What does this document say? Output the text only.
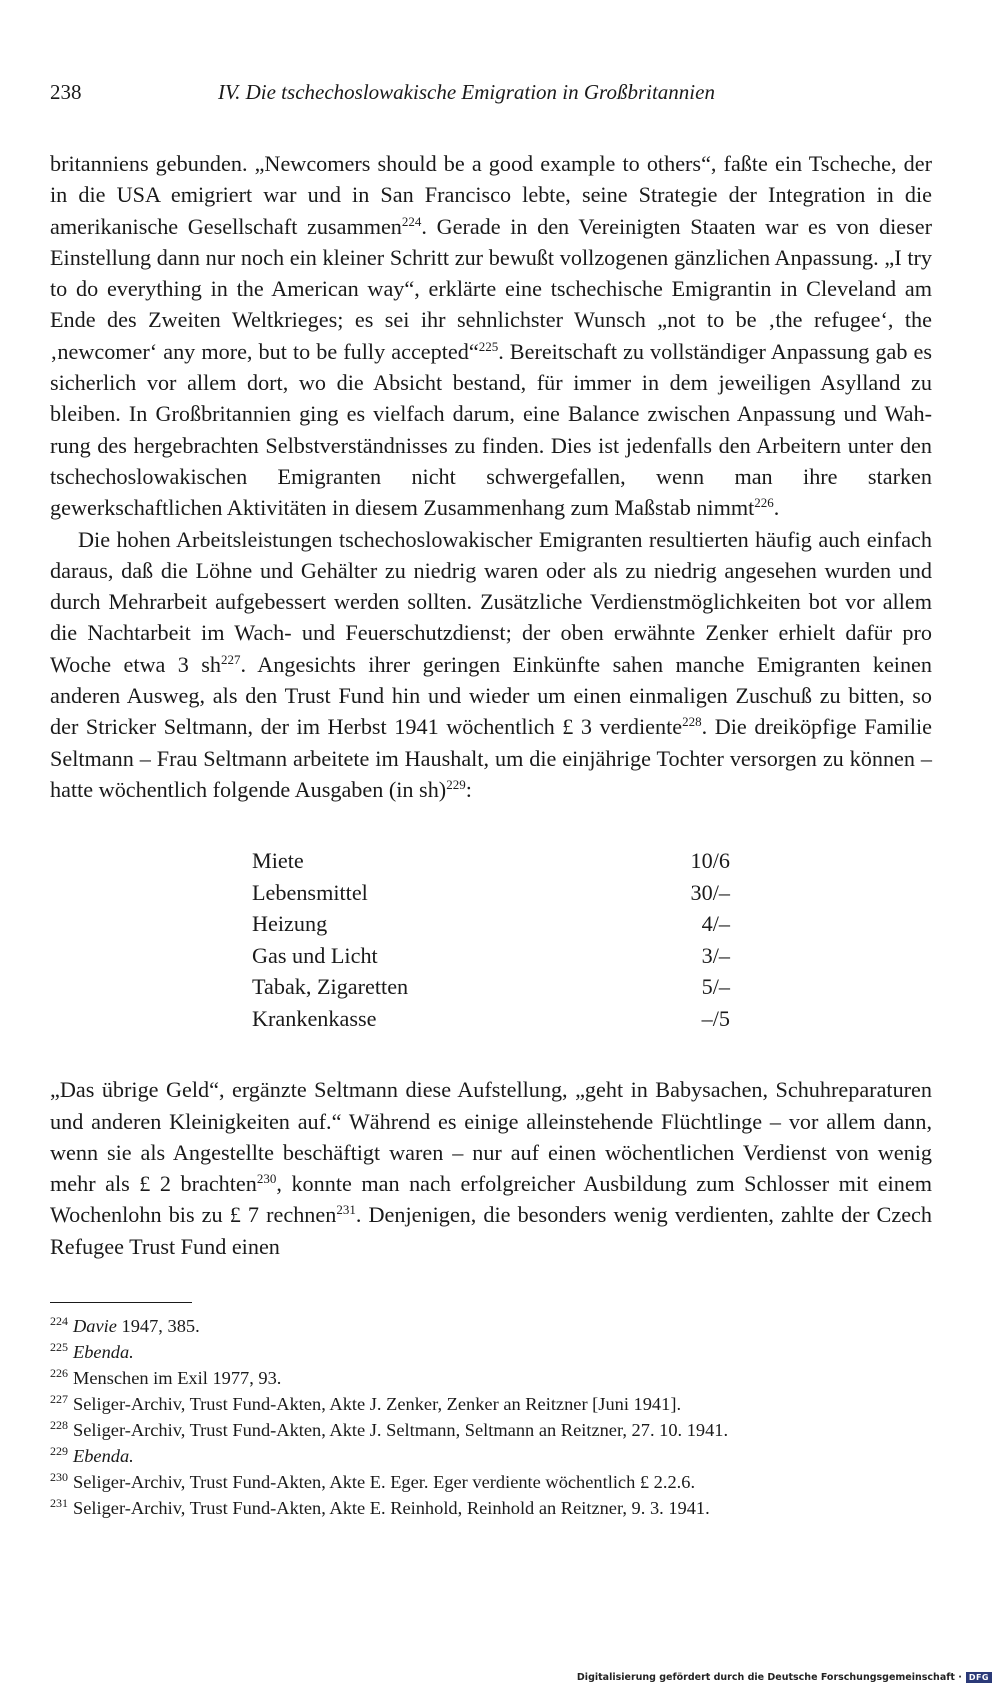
238	IV. Die tschechoslowakische Emigration in Großbritannien

britanniens gebunden. „Newcomers should be a good example to others“, faßte ein Tscheche, der in die USA emigriert war und in San Francisco lebte, seine Strategie der Integration in die amerikanische Gesellschaft zusammen$^{224}$. Gerade in den Vereinigten Staaten war es von dieser Einstellung dann nur noch ein kleiner Schritt zur bewußt vollzogenen gänzlichen Anpassung. „I try to do everything in the American way“, erklärte eine tschechische Emigrantin in Cleveland am Ende des Zweiten Weltkrieges; es sei ihr sehnlichster Wunsch „not to be ‚the refugee‘, the ‚newcomer‘ any more, but to be fully accepted“$^{225}$. Bereitschaft zu vollständiger Anpassung gab es sicherlich vor allem dort, wo die Absicht bestand, für immer in dem jeweiligen Asylland zu bleiben. In Großbritannien ging es vielfach darum, eine Balance zwischen Anpassung und Wahrung des hergebrachten Selbstverständnisses zu finden. Dies ist jedenfalls den Arbeitern unter den tschechoslowakischen Emigranten nicht schwergefallen, wenn man ihre starken gewerkschaftlichen Aktivitäten in diesem Zusammenhang zum Maßstab nimmt$^{226}$.

Die hohen Arbeitsleistungen tschechoslowakischer Emigranten resultierten häufig auch einfach daraus, daß die Löhne und Gehälter zu niedrig waren oder als zu niedrig angesehen wurden und durch Mehrarbeit aufgebessert werden sollten. Zusätzliche Verdienstmöglichkeiten bot vor allem die Nachtarbeit im Wach- und Feuerschutzdienst; der oben erwähnte Zenker erhielt dafür pro Woche etwa 3 $sh^{227}$. Angesichts ihrer geringen Einkünfte sahen manche Emigranten keinen anderen Ausweg, als den Trust Fund hin und wieder um einen einmaligen Zuschuß zu bitten, so der Stricker Seltmann, der im Herbst 1941 wöchentlich £ 3 verdiente$^{228}$. Die dreiköpfige Familie Seltmann – Frau Seltmann arbeitete im Haushalt, um die einjährige Tochter versorgen zu können – hatte wöchentlich folgende Ausgaben (in sh)$^{229}$:

Miete	10/6
Lebensmittel	30/–
Heizung	4/–
Gas und Licht	3/–
Tabak, Zigaretten	5/–
Krankenkasse	–/5

„Das übrige Geld“, ergänzte Seltmann diese Aufstellung, „geht in Babysachen, Schuhreparaturen und anderen Kleinigkeiten auf.“ Während es einige alleinstehende Flüchtlinge – vor allem dann, wenn sie als Angestellte beschäftigt waren – nur auf einen wöchentlichen Verdienst von wenig mehr als £ 2 brachten$^{230}$, konnte man nach erfolgreicher Ausbildung zum Schlosser mit einem Wochenlohn bis zu £ 7 rechnen$^{231}$. Denjenigen, die besonders wenig verdienten, zahlte der Czech Refugee Trust Fund einen

$^{224}$ Davie 1947, 385.
$^{225}$ Ebenda.
$^{226}$ Menschen im Exil 1977, 93.
$^{227}$ Seliger-Archiv, Trust Fund-Akten, Akte J. Zenker, Zenker an Reitzner [Juni 1941].
$^{228}$ Seliger-Archiv, Trust Fund-Akten, Akte J. Seltmann, Seltmann an Reitzner, 27. 10. 1941.
$^{229}$ Ebenda.
$^{230}$ Seliger-Archiv, Trust Fund-Akten, Akte E. Eger. Eger verdiente wöchentlich £ 2.2.6.
$^{231}$ Seliger-Archiv, Trust Fund-Akten, Akte E. Reinhold, Reinhold an Reitzner, 9. 3. 1941.
Digitalisierung gefördert durch die Deutsche Forschungsgemeinschaft · DFG
